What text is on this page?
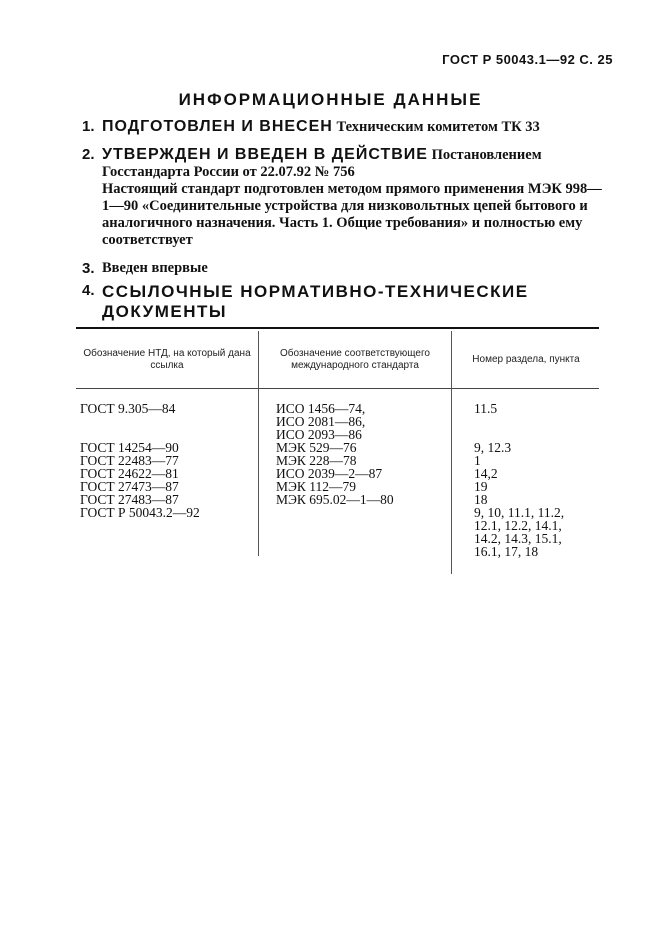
ГОСТ Р 50043.1—92 С. 25
ИНФОРМАЦИОННЫЕ ДАННЫЕ
1. ПОДГОТОВЛЕН И ВНЕСЕН Техническим комитетом ТК 33
2. УТВЕРЖДЕН И ВВЕДЕН В ДЕЙСТВИЕ Постановлением Госстандарта России от 22.07.92 № 756
Настоящий стандарт подготовлен методом прямого применения МЭК 998—1—90 «Соединительные устройства для низковольтных цепей бытового и аналогичного назначения. Часть 1. Общие требования» и полностью ему соответствует
3. Введен впервые
4. ССЫЛОЧНЫЕ НОРМАТИВНО-ТЕХНИЧЕСКИЕ ДОКУМЕНТЫ
Обозначение НТД, на который дана ссылка
Обозначение соответствующего международного стандарта
Номер раздела, пункта
ГОСТ 9.305—84
ГОСТ 14254—90
ГОСТ 22483—77
ГОСТ 24622—81
ГОСТ 27473—87
ГОСТ 27483—87
ГОСТ Р 50043.2—92
ИСО 1456—74,
ИСО 2081—86,
ИСО 2093—86
МЭК 529—76
МЭК 228—78
ИСО 2039—2—87
МЭК 112—79
МЭК 695.02—1—80
11.5
9, 12.3
1
14,2
19
18
9, 10, 11.1, 11.2,
12.1, 12.2, 14.1,
14.2, 14.3, 15.1,
16.1, 17, 18
